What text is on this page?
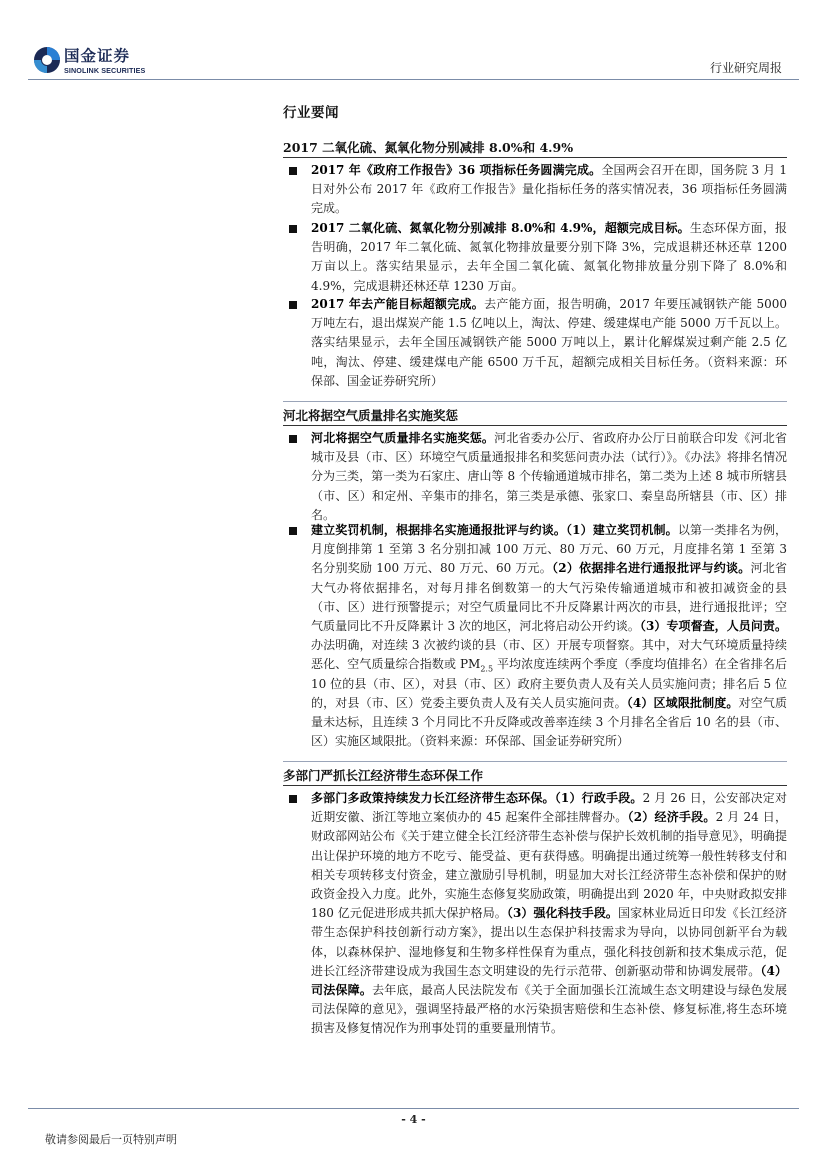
国金证券
SINOLINK SECURITIES	行业研究周报
行业要闻
2017 二氧化硫、氮氧化物分别减排 8.0%和 4.9%
2017 年《政府工作报告》36 项指标任务圆满完成。全国两会召开在即，国务院 3 月 1 日对外公布 2017 年《政府工作报告》量化指标任务的落实情况表，36 项指标任务圆满完成。
2017 二氧化硫、氮氧化物分别减排 8.0%和 4.9%，超额完成目标。生态环保方面，报告明确，2017 年二氧化硫、氮氧化物排放量要分别下降 3%，完成退耕还林还草 1200 万亩以上。落实结果显示，去年全国二氧化硫、氮氧化物排放量分别下降了 8.0%和 4.9%，完成退耕还林还草 1230 万亩。
2017 年去产能目标超额完成。去产能方面，报告明确，2017 年要压减钢铁产能 5000 万吨左右，退出煤炭产能 1.5 亿吨以上，淘汰、停建、缓建煤电产能 5000 万千瓦以上。落实结果显示，去年全国压减钢铁产能 5000 万吨以上，累计化解煤炭过剩产能 2.5 亿吨，淘汰、停建、缓建煤电产能 6500 万千瓦，超额完成相关目标任务。（资料来源：环保部、国金证券研究所）
河北将据空气质量排名实施奖惩
河北将据空气质量排名实施奖惩。河北省委办公厅、省政府办公厅日前联合印发《河北省城市及县（市、区）环境空气质量通报排名和奖惩问责办法（试行）》。《办法》将排名情况分为三类，第一类为石家庄、唐山等 8 个传输通道城市排名，第二类为上述 8 城市所辖县（市、区）和定州、辛集市的排名，第三类是承德、张家口、秦皇岛所辖县（市、区）排名。
建立奖罚机制，根据排名实施通报批评与约谈。（1）建立奖罚机制。以第一类排名为例，月度倒排第 1 至第 3 名分别扣减 100 万元、80 万元、60 万元，月度排名第 1 至第 3 名分别奖励 100 万元、80 万元、60 万元。（2）依据排名进行通报批评与约谈。河北省大气办将依据排名，对每月排名倒数第一的大气污染传输通道城市和被扣减资金的县（市、区）进行预警提示；对空气质量同比不升反降累计两次的市县，进行通报批评；空气质量同比不升反降累计 3 次的地区，河北将启动公开约谈。（3）专项督查，人员问责。办法明确，对连续 3 次被约谈的县（市、区）开展专项督察。其中，对大气环境质量持续恶化、空气质量综合指数或 $PM_{2.5}$ 平均浓度连续两个季度（季度均值排名）在全省排名后 10 位的县（市、区），对县（市、区）政府主要负责人及有关人员实施问责；排名后 5 位的，对县（市、区）党委主要负责人及有关人员实施问责。（4）区域限批制度。对空气质量未达标，且连续 3 个月同比不升反降或改善率连续 3 个月排名全省后 10 名的县（市、区）实施区域限批。（资料来源：环保部、国金证券研究所）
多部门严抓长江经济带生态环保工作
多部门多政策持续发力长江经济带生态环保。（1）行政手段。2 月 26 日，公安部决定对近期安徽、浙江等地立案侦办的 45 起案件全部挂牌督办。（2）经济手段。2 月 24 日，财政部网站公布《关于建立健全长江经济带生态补偿与保护长效机制的指导意见》，明确提出让保护环境的地方不吃亏、能受益、更有获得感。明确提出通过统筹一般性转移支付和相关专项转移支付资金，建立激励引导机制，明显加大对长江经济带生态补偿和保护的财政资金投入力度。此外，实施生态修复奖励政策，明确提出到 2020 年，中央财政拟安排 180 亿元促进形成共抓大保护格局。（3）强化科技手段。国家林业局近日印发《长江经济带生态保护科技创新行动方案》，提出以生态保护科技需求为导向，以协同创新平台为载体，以森林保护、湿地修复和生物多样性保育为重点，强化科技创新和技术集成示范，促进长江经济带建设成为我国生态文明建设的先行示范带、创新驱动带和协调发展带。（4）司法保障。去年底，最高人民法院发布《关于全面加强长江流域生态文明建设与绿色发展司法保障的意见》，强调坚持最严格的水污染损害赔偿和生态补偿、修复标准,将生态环境损害及修复情况作为刑事处罚的重要量刑情节。
- 4 -
敬请参阅最后一页特别声明
